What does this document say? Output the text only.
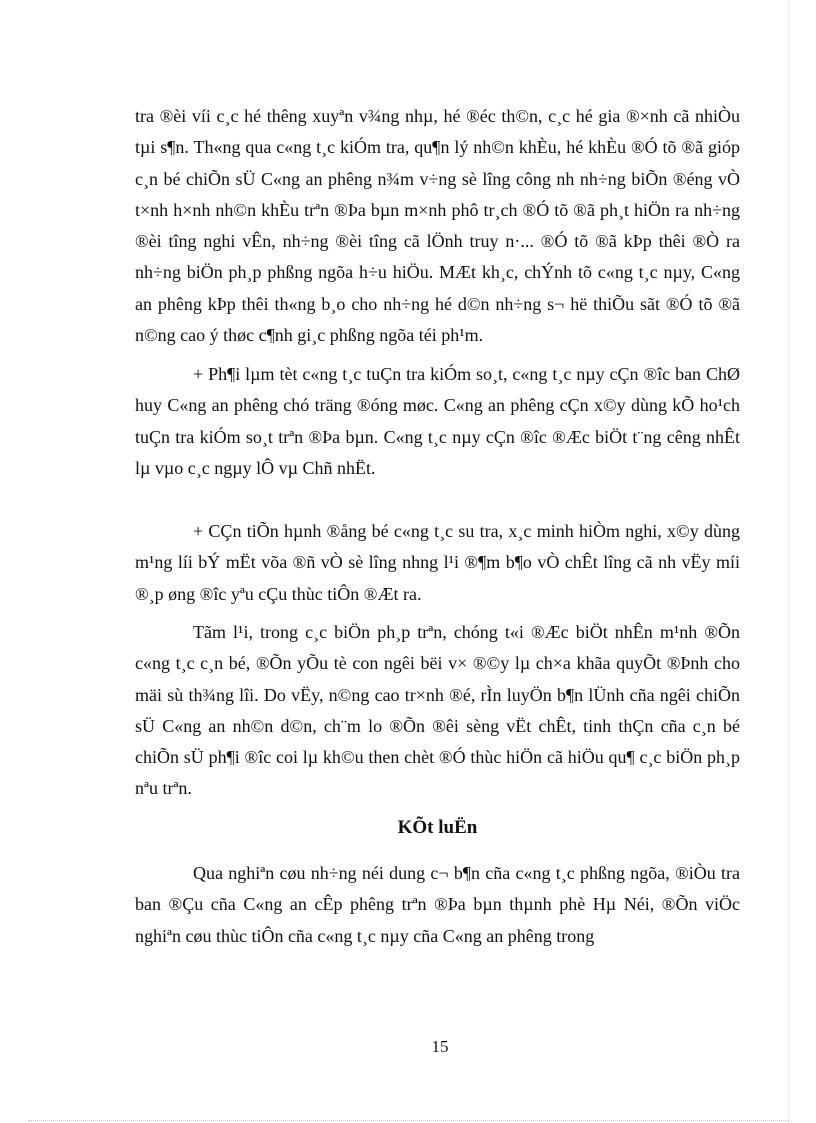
tra ®èi víi c¸c hé thêng xuyªn v¾ng nhµ, hé ®éc th©n, c¸c hé gia ®×nh cã nhiÒu tµi s¶n. Th«ng qua c«ng t¸c kiÓm tra, qu¶n lý nh©n khÈu, hé khÈu ®Ó tõ ®ã gióp c¸n bé chiÕn sÜ C«ng an phêng n¾m v÷ng sè lîng công nh nh÷ng biÕn ®éng vÒ t×nh h×nh nh©n khÈu trªn ®Þa bµn m×nh phô tr¸ch ®Ó tõ ®ã ph¸t hiÖn ra nh÷ng ®èi tîng nghi vÊn, nh÷ng ®èi tîng cã lÖnh truy n·... ®Ó tõ ®ã kÞp thêi ®Ò ra nh÷ng biÖn ph¸p phßng ngõa h÷u hiÖu. MÆt kh¸c, chÝnh tõ c«ng t¸c nµy, C«ng an phêng kÞp thêi th«ng b¸o cho nh÷ng hé d©n nh÷ng s¬ hë thiÕu sãt ®Ó tõ ®ã n©ng cao ý thøc c¶nh gi¸c phßng ngõa téi ph¹m.

+ Ph¶i lµm tèt c«ng t¸c tuÇn tra kiÓm so¸t, c«ng t¸c nµy cÇn ®îc ban ChØ huy C«ng an phêng chó träng ®óng møc. C«ng an phêng cÇn x©y dùng kÕ ho¹ch tuÇn tra kiÓm so¸t trªn ®Þa bµn. C«ng t¸c nµy cÇn ®îc ®Æc biÖt t¨ng cêng nhÊt lµ vµo c¸c ngµy lÔ vµ Chñ nhËt.

+ CÇn tiÕn hµnh ®ång bé c«ng t¸c su tra, x¸c minh hiÒm nghi, x©y dùng m¹ng líi bÝ mËt võa ®ñ vÒ sè lîng nhng l¹i ®¶m b¶o vÒ chÊt lîng cã nh vËy míi ®¸p øng ®îc yªu cÇu thùc tiÔn ®Æt ra.

Tãm l¹i, trong c¸c biÖn ph¸p trªn, chóng t«i ®Æc biÖt nhÊn m¹nh ®Õn c«ng t¸c c¸n bé, ®Õn yÕu tè con ngêi bëi v× ®©y lµ ch×a khãa quyÕt ®Þnh cho mäi sù th¾ng lîi. Do vËy, n©ng cao tr×nh ®é, rÌn luyÖn b¶n lÜnh cña ngêi chiÕn sÜ C«ng an nh©n d©n, ch¨m lo ®Õn ®êi sèng vËt chÊt, tinh thÇn cña c¸n bé chiÕn sÜ ph¶i ®îc coi lµ kh©u then chèt ®Ó thùc hiÖn cã hiÖu qu¶ c¸c biÖn ph¸p nªu trªn.

KÕt luËn

Qua nghiªn cøu nh÷ng néi dung c¬ b¶n cña c«ng t¸c phßng ngõa, ®iÒu tra ban ®Çu cña C«ng an cÊp phêng trªn ®Þa bµn thµnh phè Hµ Néi, ®Õn viÖc nghiªn cøu thùc tiÔn cña c«ng t¸c nµy cña C«ng an phêng trong

15
